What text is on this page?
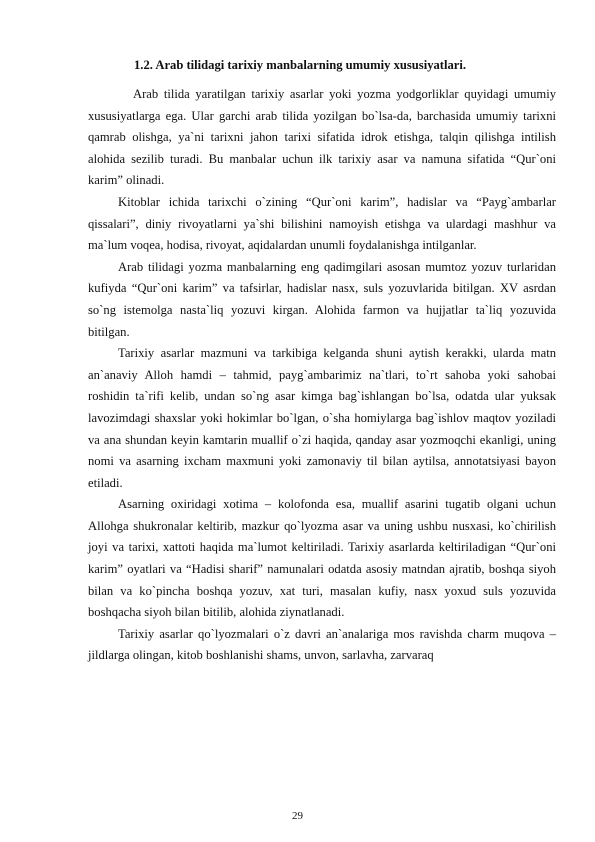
1.2. Arab tilidagi tarixiy manbalarning umumiy xususiyatlari.

Arab tilida yaratilgan tarixiy asarlar yoki yozma yodgorliklar quyidagi umumiy xususiyatlarga ega. Ular garchi arab tilida yozilgan bo`lsa-da, barchasida umumiy tarixni qamrab olishga, ya`ni tarixni jahon tarixi sifatida idrok etishga, talqin qilishga intilish alohida sezilib turadi. Bu manbalar uchun ilk tarixiy asar va namuna sifatida “Qur`oni karim” olinadi.

Kitoblar ichida tarixchi o`zining “Qur`oni karim”, hadislar va “Payg`ambarlar qissalari”, diniy rivoyatlarni ya`shi bilishini namoyish etishga va ulardagi mashhur va ma`lum voqea, hodisa, rivoyat, aqidalardan unumli foydalanishga intilganlar.

Arab tilidagi yozma manbalarning eng qadimgilari asosan mumtoz yozuv turlaridan kufiyda “Qur`oni karim” va tafsirlar, hadislar nasx, suls yozuvlarida bitilgan. XV asrdan so`ng istemolga nasta`liq yozuvi kirgan. Alohida farmon va hujjatlar ta`liq yozuvida bitilgan.

Tarixiy asarlar mazmuni va tarkibiga kelganda shuni aytish kerakki, ularda matn an`anaviy Alloh hamdi – tahmid, payg`ambarimiz na`tlari, to`rt sahoba yoki sahobai roshidin ta`rifi kelib, undan so`ng asar kimga bag`ishlangan bo`lsa, odatda ular yuksak lavozimdagi shaxslar yoki hokimlar bo`lgan, o`sha homiylarga bag`ishlov maqtov yoziladi va ana shundan keyin kamtarin muallif o`zi haqida, qanday asar yozmoqchi ekanligi, uning nomi va asarning ixcham maxmuni yoki zamonaviy til bilan aytilsa, annotatsiyasi bayon etiladi.

Asarning oxiridagi xotima – kolofonda esa, muallif asarini tugatib olgani uchun Allohga shukronalar keltirib, mazkur qo`lyozma asar va uning ushbu nusxasi, ko`chirilish joyi va tarixi, xattoti haqida ma`lumot keltiriladi. Tarixiy asarlarda keltiriladigan “Qur`oni karim” oyatlari va “Hadisi sharif” namunalari odatda asosiy matndan ajratib, boshqa siyoh bilan va ko`pincha boshqa yozuv, xat turi, masalan kufiy, nasx yoxud suls yozuvida boshqacha siyoh bilan bitilib, alohida ziynatlanadi.

Tarixiy asarlar qo`lyozmalari o`z davri an`analariga mos ravishda charm muqova – jildlarga olingan, kitob boshlanishi shams, unvon, sarlavha, zarvaraq

29
